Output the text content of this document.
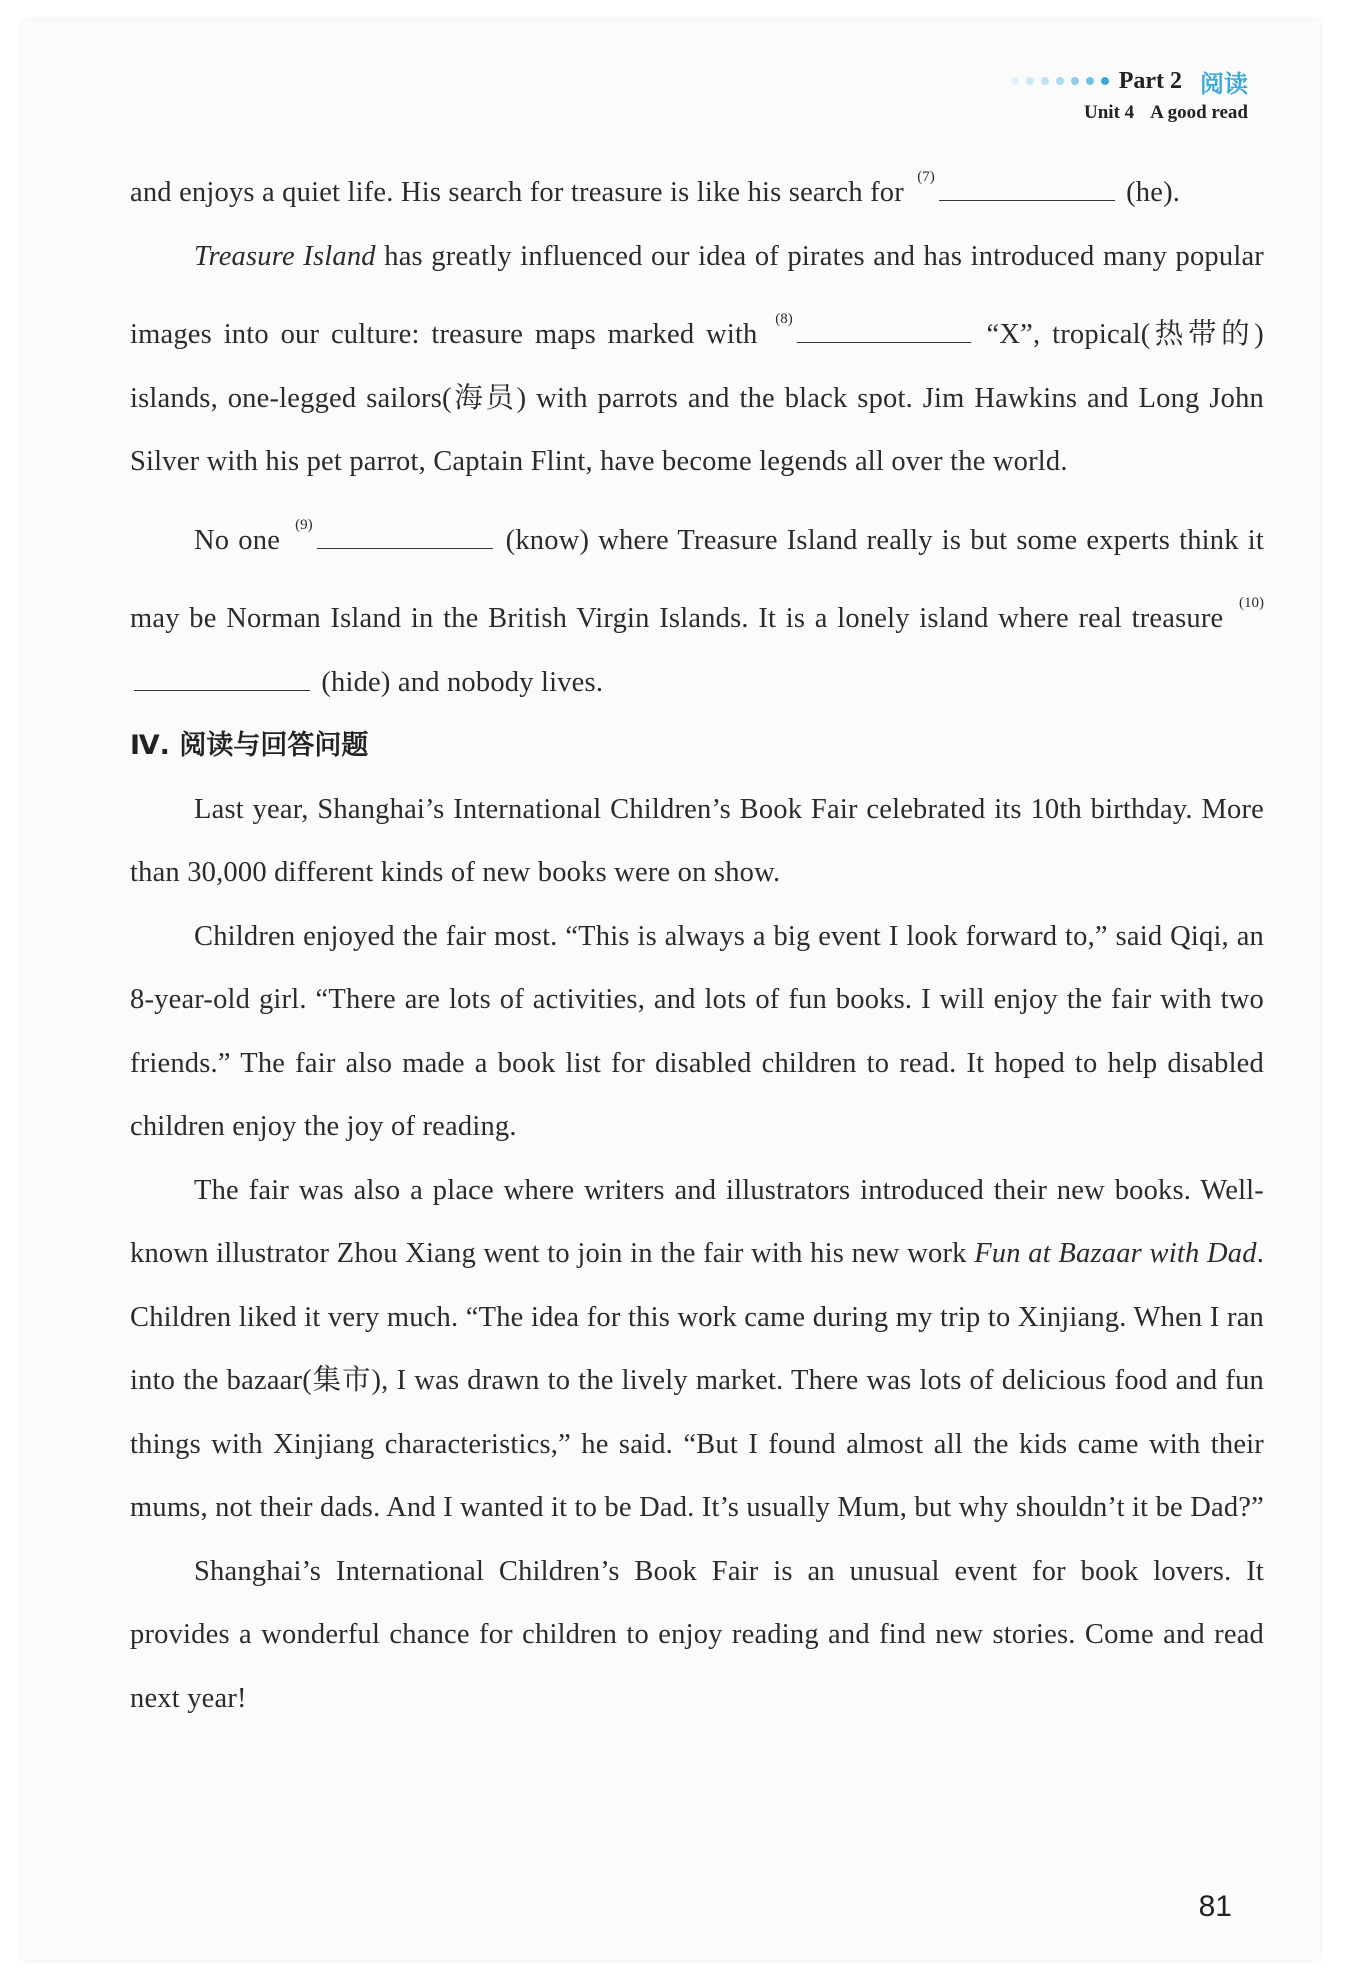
Part 2 阅读
Unit 4 A good read

and enjoys a quiet life. His search for treasure is like his search for $^{(7)}$	(he).

Treasure Island has greatly influenced our idea of pirates and has introduced many popular images into our culture: treasure maps marked with $^{(8)}$	“X”, tropical(热带的) islands, one-legged sailors(海员) with parrots and the black spot. Jim Hawkins and Long John Silver with his pet parrot, Captain Flint, have become legends all over the world.

No one $^{(9)}$	(know) where Treasure Island really is but some experts think it may be Norman Island in the British Virgin Islands. It is a lonely island where real treasure $^{(10)}$ (hide) and nobody lives.

Ⅳ. 阅读与回答问题

Last year, Shanghai’s International Children’s Book Fair celebrated its 10th birthday. More than 30,000 different kinds of new books were on show.

Children enjoyed the fair most. “This is always a big event I look forward to,” said Qiqi, an 8-year-old girl. “There are lots of activities, and lots of fun books. I will enjoy the fair with two friends.” The fair also made a book list for disabled children to read. It hoped to help disabled children enjoy the joy of reading.

The fair was also a place where writers and illustrators introduced their new books. Well-known illustrator Zhou Xiang went to join in the fair with his new work Fun at Bazaar with Dad. Children liked it very much. “The idea for this work came during my trip to Xinjiang. When I ran into the bazaar(集市), I was drawn to the lively market. There was lots of delicious food and fun things with Xinjiang characteristics,” he said. “But I found almost all the kids came with their mums, not their dads. And I wanted it to be Dad. It’s usually Mum, but why shouldn’t it be Dad?”

Shanghai’s International Children’s Book Fair is an unusual event for book lovers. It provides a wonderful chance for children to enjoy reading and find new stories. Come and read next year!

81
